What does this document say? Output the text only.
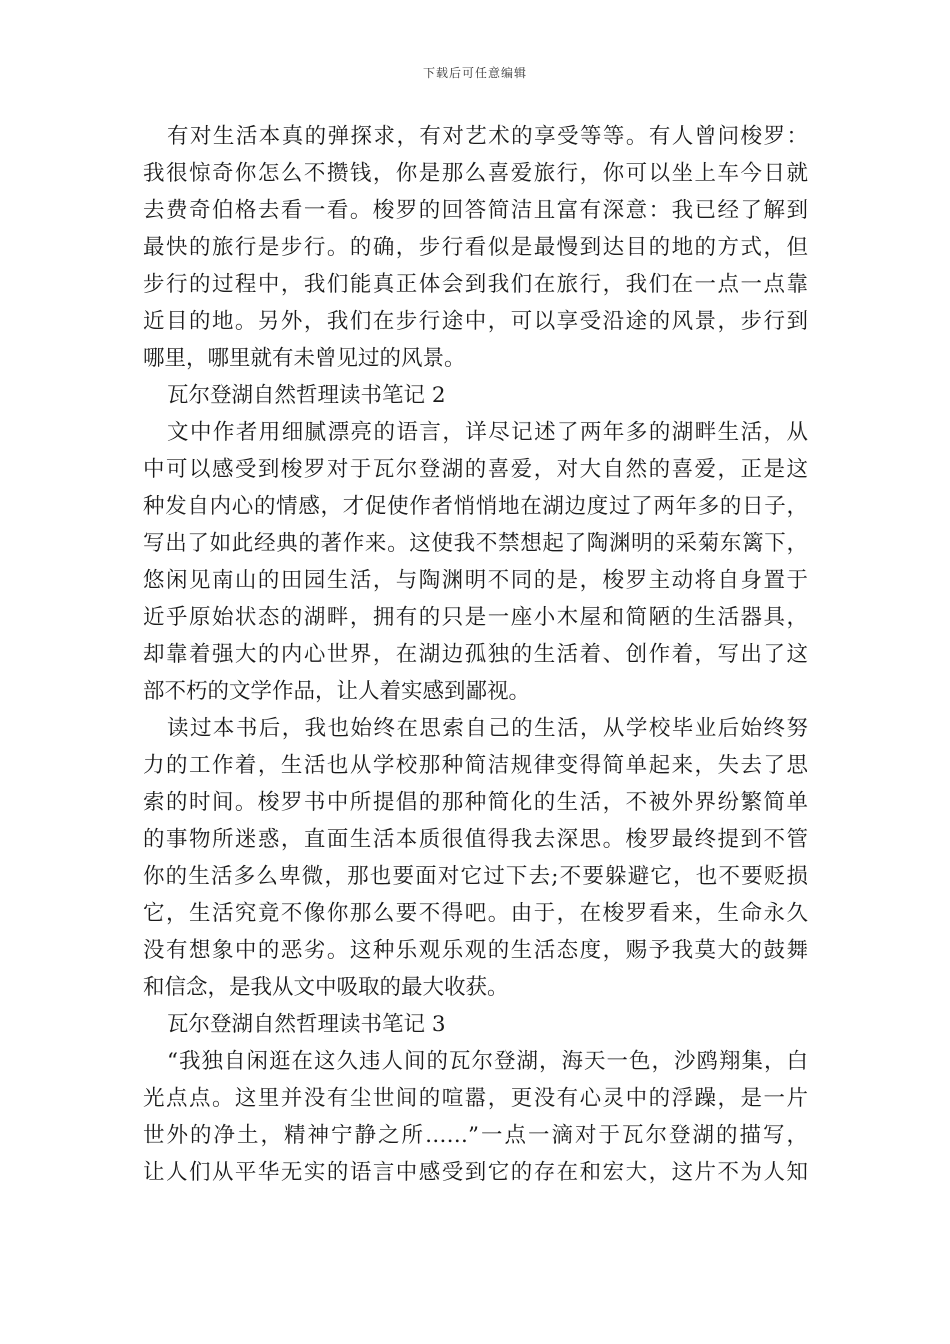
下载后可任意编辑
有对生活本真的弹探求，有对艺术的享受等等。有人曾问梭罗：
我很惊奇你怎么不攒钱，你是那么喜爱旅行，你可以坐上车今日就
去费奇伯格去看一看。梭罗的回答简洁且富有深意：我已经了解到
最快的旅行是步行。的确，步行看似是最慢到达目的地的方式，但
步行的过程中，我们能真正体会到我们在旅行，我们在一点一点靠
近目的地。另外，我们在步行途中，可以享受沿途的风景，步行到
哪里，哪里就有未曾见过的风景。
瓦尔登湖自然哲理读书笔记 2
文中作者用细腻漂亮的语言，详尽记述了两年多的湖畔生活，从
中可以感受到梭罗对于瓦尔登湖的喜爱，对大自然的喜爱，正是这
种发自内心的情感，才促使作者悄悄地在湖边度过了两年多的日子，
写出了如此经典的著作来。这使我不禁想起了陶渊明的采菊东篱下，
悠闲见南山的田园生活，与陶渊明不同的是，梭罗主动将自身置于
近乎原始状态的湖畔，拥有的只是一座小木屋和简陋的生活器具，
却靠着强大的内心世界，在湖边孤独的生活着、创作着，写出了这
部不朽的文学作品，让人着实感到鄙视。
读过本书后，我也始终在思索自己的生活，从学校毕业后始终努
力的工作着，生活也从学校那种简洁规律变得简单起来，失去了思
索的时间。梭罗书中所提倡的那种简化的生活，不被外界纷繁简单
的事物所迷惑，直面生活本质很值得我去深思。梭罗最终提到不管
你的生活多么卑微，那也要面对它过下去;不要躲避它，也不要贬损
它，生活究竟不像你那么要不得吧。由于，在梭罗看来，生命永久
没有想象中的恶劣。这种乐观乐观的生活态度，赐予我莫大的鼓舞
和信念，是我从文中吸取的最大收获。
瓦尔登湖自然哲理读书笔记 3
“我独自闲逛在这久违人间的瓦尔登湖，海天一色，沙鸥翔集，白
光点点。这里并没有尘世间的喧嚣，更没有心灵中的浮躁，是一片
世外的净土，精神宁静之所……”一点一滴对于瓦尔登湖的描写，
让人们从平华无实的语言中感受到它的存在和宏大，这片不为人知
